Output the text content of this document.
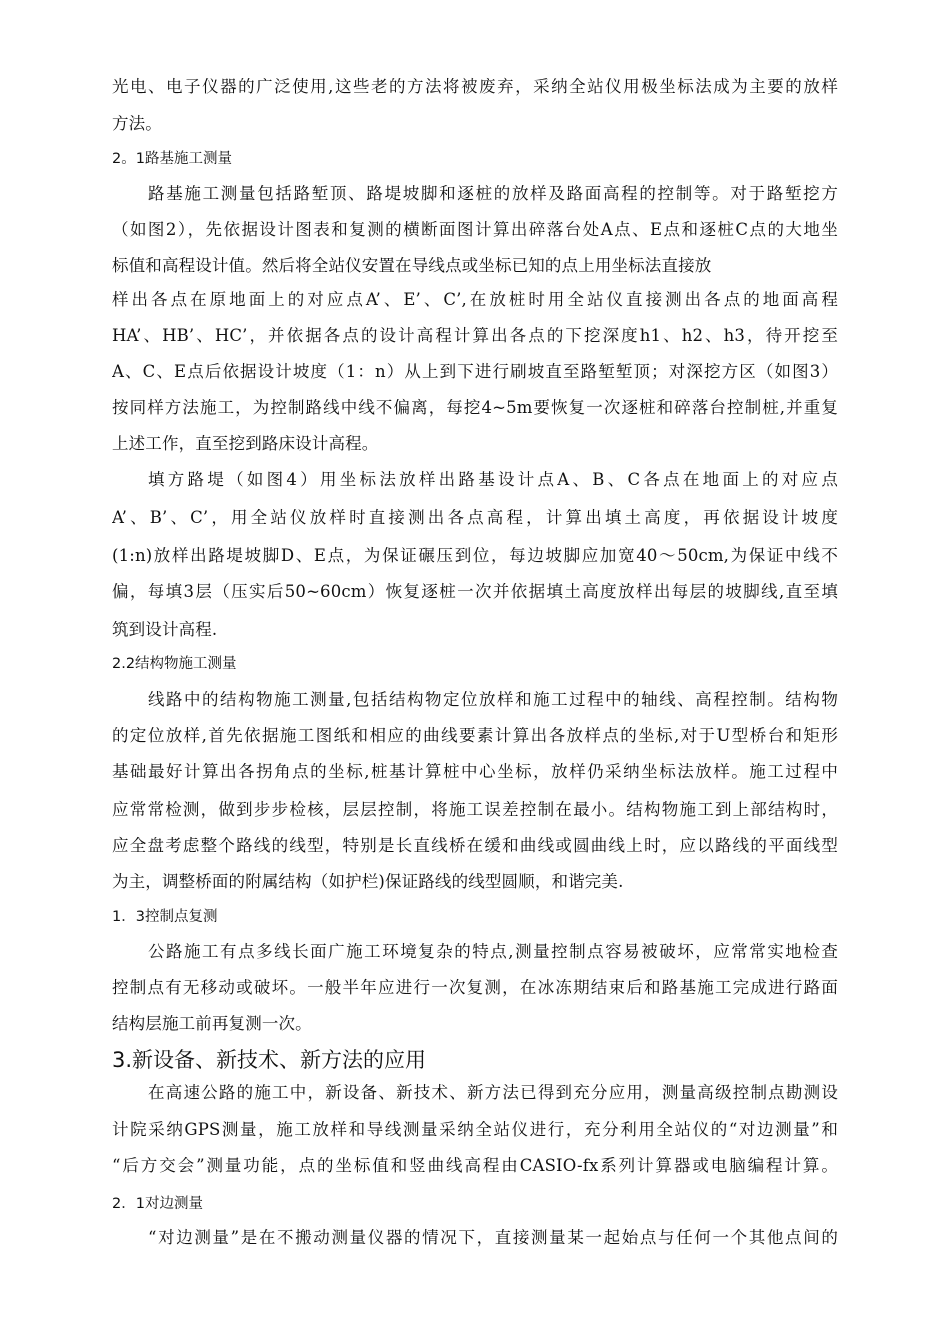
光电、电子仪器的广泛使用,这些老的方法将被废弃，采纳全站仪用极坐标法成为主要的放样
方法。
2。1路基施工测量
路基施工测量包括路堑顶、路堤坡脚和逐桩的放样及路面高程的控制等。对于路堑挖方
（如图2），先依据设计图表和复测的横断面图计算出碎落台处A点、E点和逐桩C点的大地坐
标值和高程设计值。然后将全站仪安置在导线点或坐标已知的点上用坐标法直接放
样出各点在原地面上的对应点A’、E’、C’,在放桩时用全站仪直接测出各点的地面高程
HA’、HB’、HC’，并依据各点的设计高程计算出各点的下挖深度h1、h2、h3，待开挖至
A、C、E点后依据设计坡度（1：n）从上到下进行刷坡直至路堑堑顶；对深挖方区（如图3）
按同样方法施工，为控制路线中线不偏离，每挖4~5m要恢复一次逐桩和碎落台控制桩,并重复
上述工作，直至挖到路床设计高程。
填方路堤（如图4）用坐标法放样出路基设计点A、B、C各点在地面上的对应点
A’、B’、C’，用全站仪放样时直接测出各点高程，计算出填土高度，再依据设计坡度
(1:n)放样出路堤坡脚D、E点，为保证碾压到位，每边坡脚应加宽40～50cm,为保证中线不
偏，每填3层（压实后50~60cm）恢复逐桩一次并依据填土高度放样出每层的坡脚线,直至填
筑到设计高程.
2.2结构物施工测量
线路中的结构物施工测量,包括结构物定位放样和施工过程中的轴线、高程控制。结构物
的定位放样,首先依据施工图纸和相应的曲线要素计算出各放样点的坐标,对于U型桥台和矩形
基础最好计算出各拐角点的坐标,桩基计算桩中心坐标，放样仍采纳坐标法放样。施工过程中
应常常检测，做到步步检核，层层控制，将施工误差控制在最小。结构物施工到上部结构时，
应全盘考虑整个路线的线型，特别是长直线桥在缓和曲线或圆曲线上时，应以路线的平面线型
为主，调整桥面的附属结构（如护栏)保证路线的线型圆顺，和谐完美.
1．3控制点复测
公路施工有点多线长面广施工环境复杂的特点,测量控制点容易被破坏，应常常实地检查
控制点有无移动或破坏。一般半年应进行一次复测，在冰冻期结束后和路基施工完成进行路面
结构层施工前再复测一次。
3.新设备、新技术、新方法的应用
在高速公路的施工中，新设备、新技术、新方法已得到充分应用，测量高级控制点勘测设
计院采纳GPS测量，施工放样和导线测量采纳全站仪进行，充分利用全站仪的“对边测量”和
“后方交会”测量功能，点的坐标值和竖曲线高程由CASIO-fx系列计算器或电脑编程计算。
2．1对边测量
“对边测量”是在不搬动测量仪器的情况下，直接测量某一起始点与任何一个其他点间的
